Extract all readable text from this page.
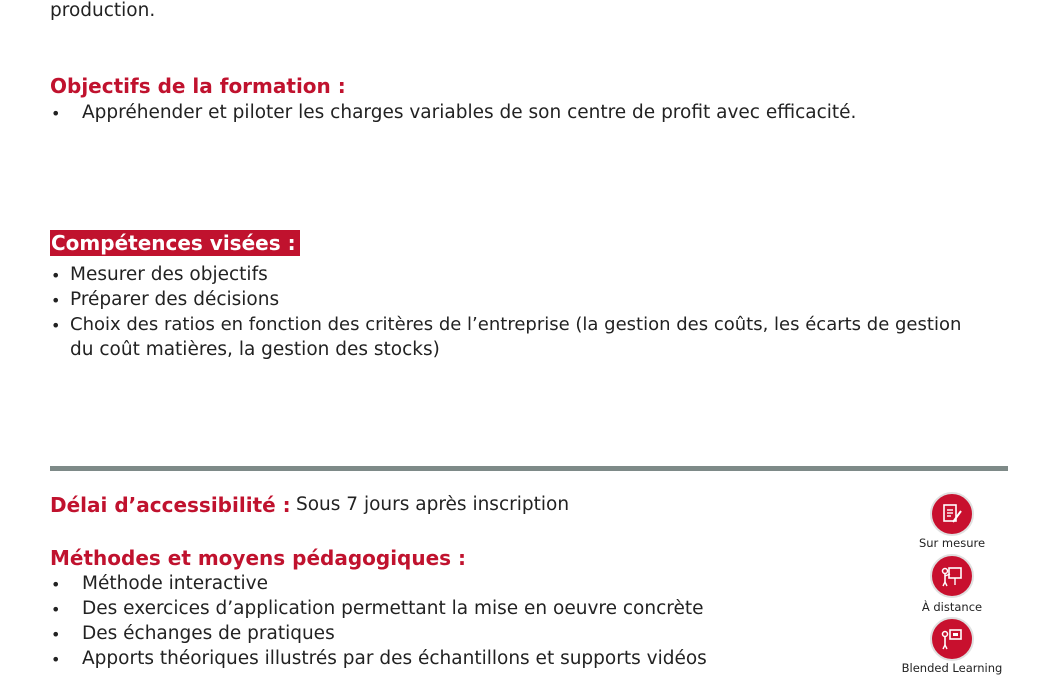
production.
Objectifs de la formation :
• Appréhender et piloter les charges variables de son centre de profit avec efficacité.
Compétences visées :
• Mesurer des objectifs
• Préparer des décisions
• Choix des ratios en fonction des critères de l’entreprise (la gestion des coûts, les écarts de gestion
du coût matières, la gestion des stocks)
Délai d’accessibilité : Sous 7 jours après inscription
Méthodes et moyens pédagogiques :
• Méthode interactive
• Des exercices d’application permettant la mise en oeuvre concrète
• Des échanges de pratiques
• Apports théoriques illustrés par des échantillons et supports vidéos
Sur mesure
À distance
Blended Learning
